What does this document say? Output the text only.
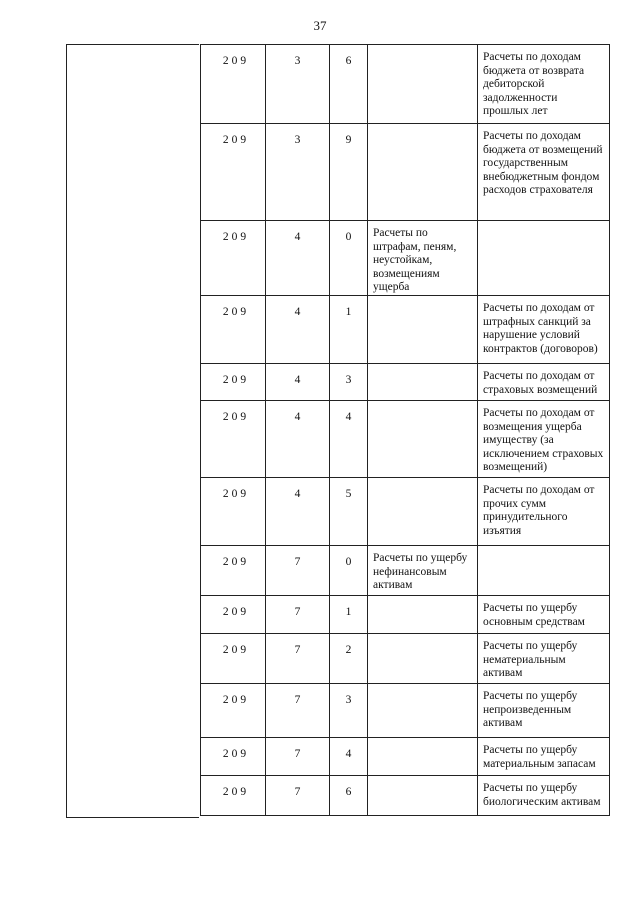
37
209	3	6	Расчеты по доходам бюджета от возврата дебиторской задолженности прошлых лет
209	3	9	Расчеты по доходам бюджета от возмещений государственным внебюджетным фондом расходов страхователя
209	4	0	Расчеты по штрафам, пеням, неустойкам, возмещениям ущерба
209	4	1	Расчеты по доходам от штрафных санкций за нарушение условий контрактов (договоров)
209	4	3	Расчеты по доходам от страховых возмещений
209	4	4	Расчеты по доходам от возмещения ущерба имуществу (за исключением страховых возмещений)
209	4	5	Расчеты по доходам от прочих сумм принудительного изъятия
209	7	0	Расчеты по ущербу нефинансовым активам
209	7	1	Расчеты по ущербу основным средствам
209	7	2	Расчеты по ущербу нематериальным активам
209	7	3	Расчеты по ущербу непроизведенным активам
209	7	4	Расчеты по ущербу материальным запасам
209	7	6	Расчеты по ущербу биологическим активам
